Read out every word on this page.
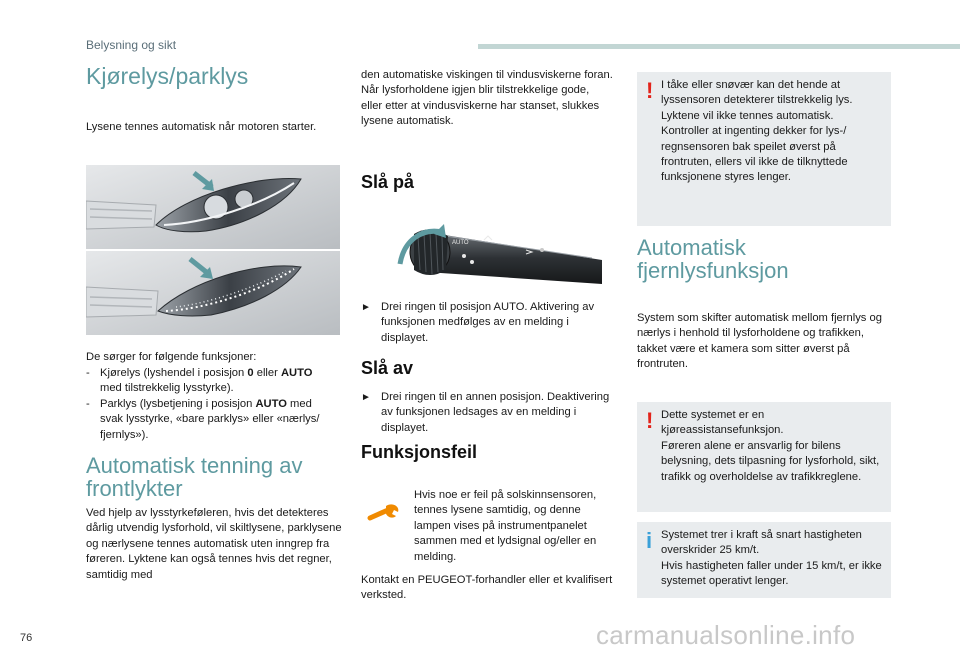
Belysning og sikt
Kjørelys/parklys
Lysene tennes automatisk når motoren starter.
De sørger for følgende funksjoner:
- Kjørelys (lyshendel i posisjon 0 eller AUTO
med tilstrekkelig lysstyrke).
- Parklys (lysbetjening i posisjon AUTO med
svak lysstyrke, «bare parklys» eller «nærlys/
fjernlys»).
Automatisk tenning av
frontlykter
Ved hjelp av lysstyrkeføleren, hvis det detekteres dårlig utvendig lysforhold, vil skiltlysene, parklysene og nærlysene tennes automatisk uten inngrep fra føreren. Lyktene kan også tennes hvis det regner, samtidig med
den automatiske viskingen til vindusviskerne foran.
Når lysforholdene igjen blir tilstrekkelige gode, eller etter at vindusviskerne har stanset, slukkes lysene automatisk.
Slå på
AUTO
► Drei ringen til posisjon AUTO. Aktivering av funksjonen medfølges av en melding i displayet.
Slå av
► Drei ringen til en annen posisjon. Deaktivering av funksjonen ledsages av en melding i displayet.
Funksjonsfeil
Hvis noe er feil på solskinnsensoren, tennes lysene samtidig, og denne lampen vises på instrumentpanelet sammen med et lydsignal og/eller en melding.
Kontakt en PEUGEOT-forhandler eller et kvalifisert verksted.
! I tåke eller snøvær kan det hende at lyssensoren detekterer tilstrekkelig lys. Lyktene vil ikke tennes automatisk.
Kontroller at ingenting dekker for lys-/ regnsensoren bak speilet øverst på frontruten, ellers vil ikke de tilknyttede funksjonene styres lenger.
Automatisk
fjernlysfunksjon
System som skifter automatisk mellom fjernlys og nærlys i henhold til lysforholdene og trafikken, takket være et kamera som sitter øverst på frontruten.
! Dette systemet er en kjøreassistansefunksjon.
Føreren alene er ansvarlig for bilens belysning, dets tilpasning for lysforhold, sikt, trafikk og overholdelse av trafikkreglene.
i Systemet trer i kraft så snart hastigheten overskrider 25 km/t.
Hvis hastigheten faller under 15 km/t, er ikke systemet operativt lenger.
76	carmanualsonline.info
